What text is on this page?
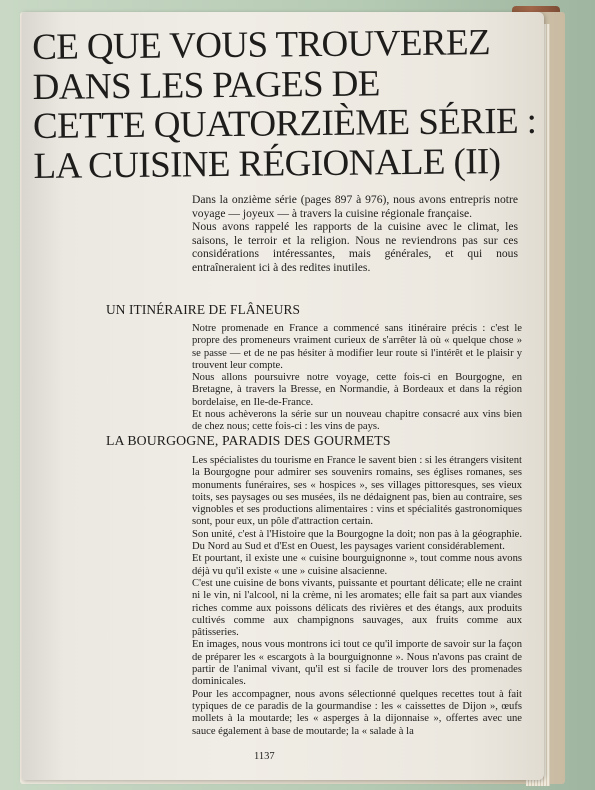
CE QUE VOUS TROUVEREZ
DANS LES PAGES DE
CETTE QUATORZIÈME SÉRIE :
LA CUISINE RÉGIONALE (II)

Dans la onzième série (pages 897 à 976), nous avons entrepris notre voyage — joyeux — à travers la cuisine régionale française.

Nous avons rappelé les rapports de la cuisine avec le climat, les saisons, le terroir et la religion. Nous ne reviendrons pas sur ces considérations intéressantes, mais générales, et qui nous entraîneraient ici à des redites inutiles.

UN ITINÉRAIRE DE FLÂNEURS

Notre promenade en France a commencé sans itinéraire précis : c'est le propre des promeneurs vraiment curieux de s'arrêter là où « quelque chose » se passe — et de ne pas hésiter à modifier leur route si l'intérêt et le plaisir y trouvent leur compte.

Nous allons poursuivre notre voyage, cette fois-ci en Bourgogne, en Bretagne, à travers la Bresse, en Normandie, à Bordeaux et dans la région bordelaise, en Ile-de-France.

Et nous achèverons la série sur un nouveau chapitre consacré aux vins bien de chez nous; cette fois-ci : les vins de pays.

LA BOURGOGNE, PARADIS DES GOURMETS

Les spécialistes du tourisme en France le savent bien : si les étrangers visitent la Bourgogne pour admirer ses souvenirs romains, ses églises romanes, ses monuments funéraires, ses « hospices », ses villages pittoresques, ses vieux toits, ses paysages ou ses musées, ils ne dédaignent pas, bien au contraire, ses vignobles et ses productions alimentaires : vins et spécialités gastronomiques sont, pour eux, un pôle d'attraction certain.

Son unité, c'est à l'Histoire que la Bourgogne la doit; non pas à la géographie. Du Nord au Sud et d'Est en Ouest, les paysages varient considérablement.

Et pourtant, il existe une « cuisine bourguignonne », tout comme nous avons déjà vu qu'il existe « une » cuisine alsacienne.

C'est une cuisine de bons vivants, puissante et pourtant délicate; elle ne craint ni le vin, ni l'alcool, ni la crème, ni les aromates; elle fait sa part aux viandes riches comme aux poissons délicats des rivières et des étangs, aux produits cultivés comme aux champignons sauvages, aux fruits comme aux pâtisseries.

En images, nous vous montrons ici tout ce qu'il importe de savoir sur la façon de préparer les « escargots à la bourguignonne ». Nous n'avons pas craint de partir de l'animal vivant, qu'il est si facile de trouver lors des promenades dominicales.

Pour les accompagner, nous avons sélectionné quelques recettes tout à fait typiques de ce paradis de la gourmandise : les « caissettes de Dijon », œufs mollets à la moutarde; les « asperges à la dijonnaise », offertes avec une sauce également à base de moutarde; la « salade à la

1137
